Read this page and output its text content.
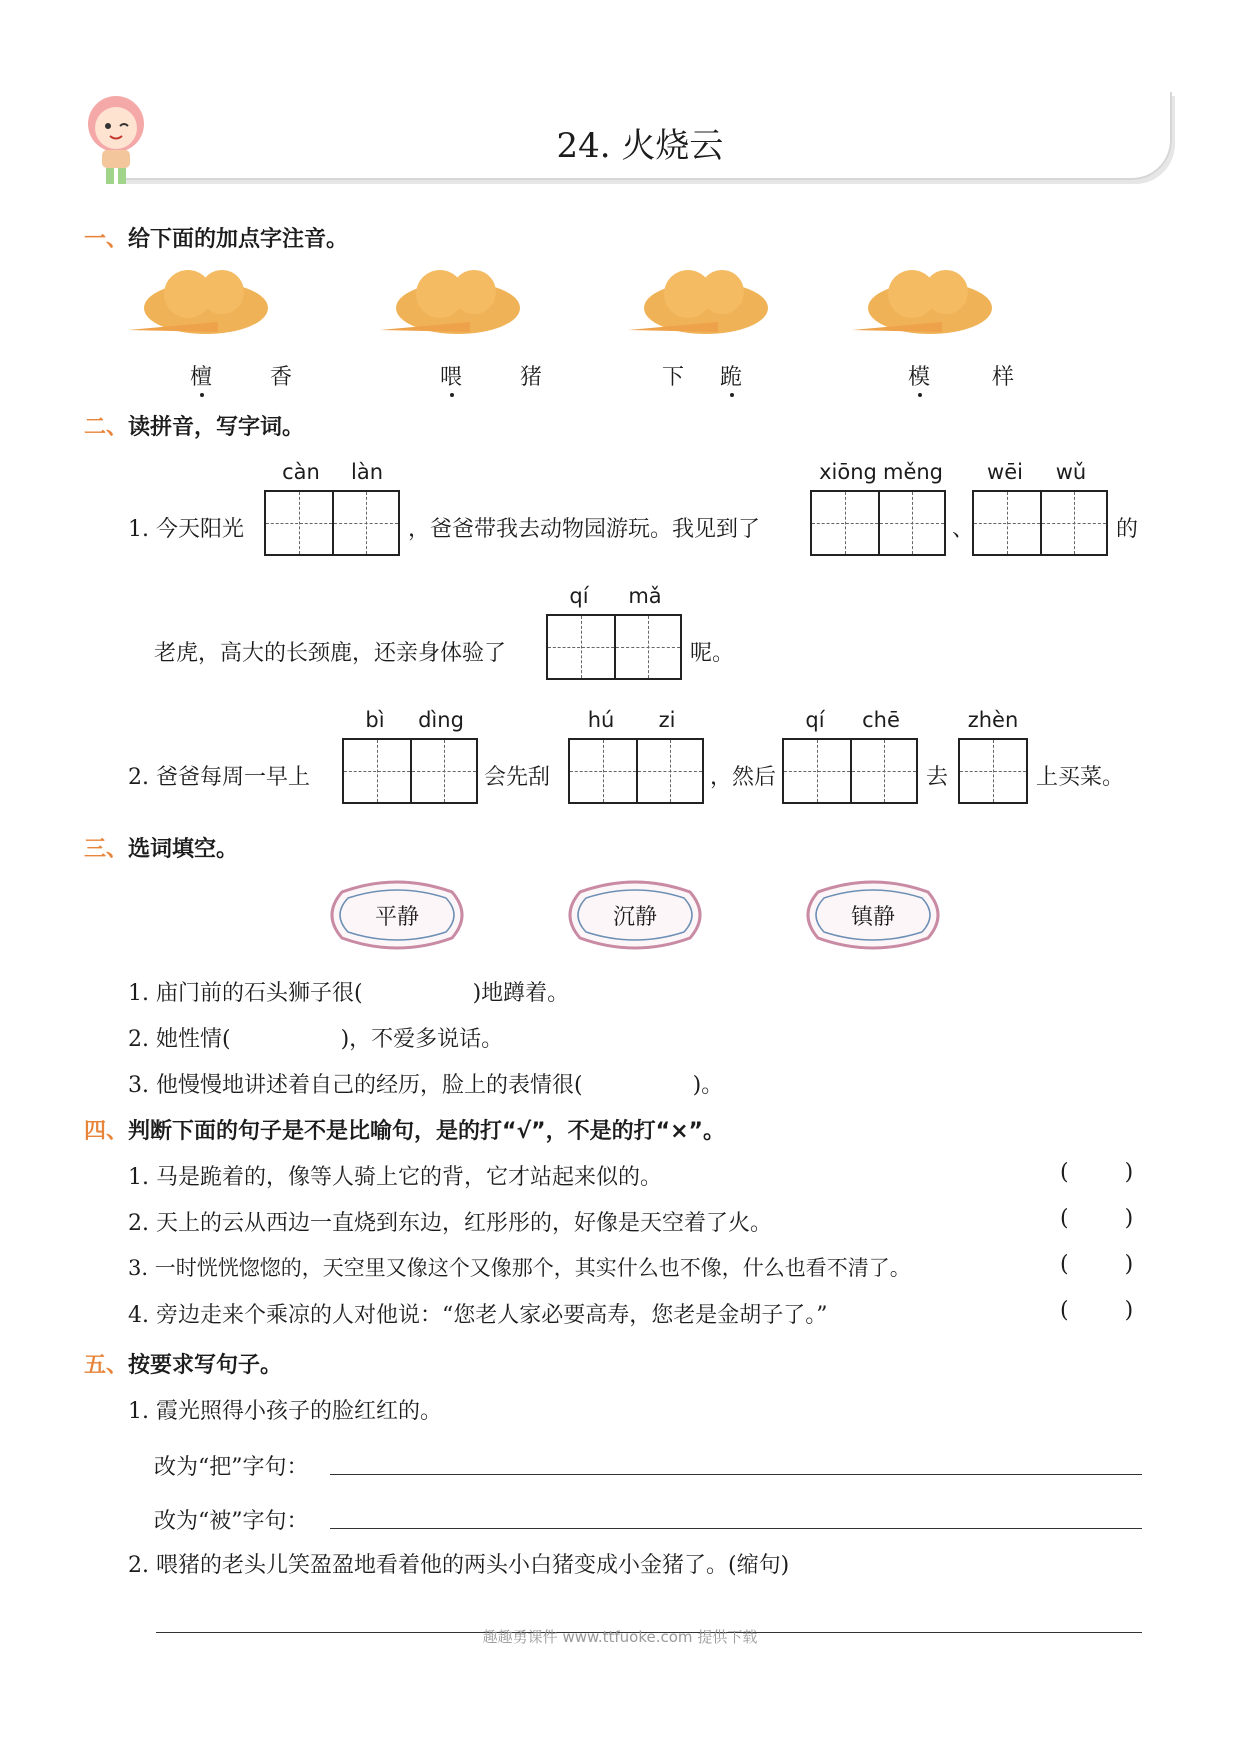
24. 火烧云
一、给下面的加点字注音。
檀	香	喂	猪	下 跪	模	样
二、读拼音，写字词。
càn	làn
1. 今天阳光	，爸爸带我去动物园游玩。我见到了
xiōng měng
、
wēi	wǔ
的
qí	mǎ
老虎，高大的长颈鹿，还亲身体验了	呢。
bì	dìng
2. 爸爸每周一早上	会先刮
hú	zi
，然后
qí	chē
去
zhèn
上买菜。
三、选词填空。
平静	沉静	镇静
1. 庙门前的石头狮子很(	)地蹲着。
2. 她性情(	)，不爱多说话。
3. 他慢慢地讲述着自己的经历，脸上的表情很(	)。
四、判断下面的句子是不是比喻句，是的打“√”，不是的打“×”。
1. 马是跪着的，像等人骑上它的背，它才站起来似的。	(	)
2. 天上的云从西边一直烧到东边，红彤彤的，好像是天空着了火。	(	)
3. 一时恍恍惚惚的，天空里又像这个又像那个，其实什么也不像，什么也看不清了。	(	)
4. 旁边走来个乘凉的人对他说：“您老人家必要高寿，您老是金胡子了。”	(	)
五、按要求写句子。
1. 霞光照得小孩子的脸红红的。
改为“把”字句：
改为“被”字句：
2. 喂猪的老头儿笑盈盈地看着他的两头小白猪变成小金猪了。(缩句)
趣趣勇课件 www.ttfuoke.com 提供下载
